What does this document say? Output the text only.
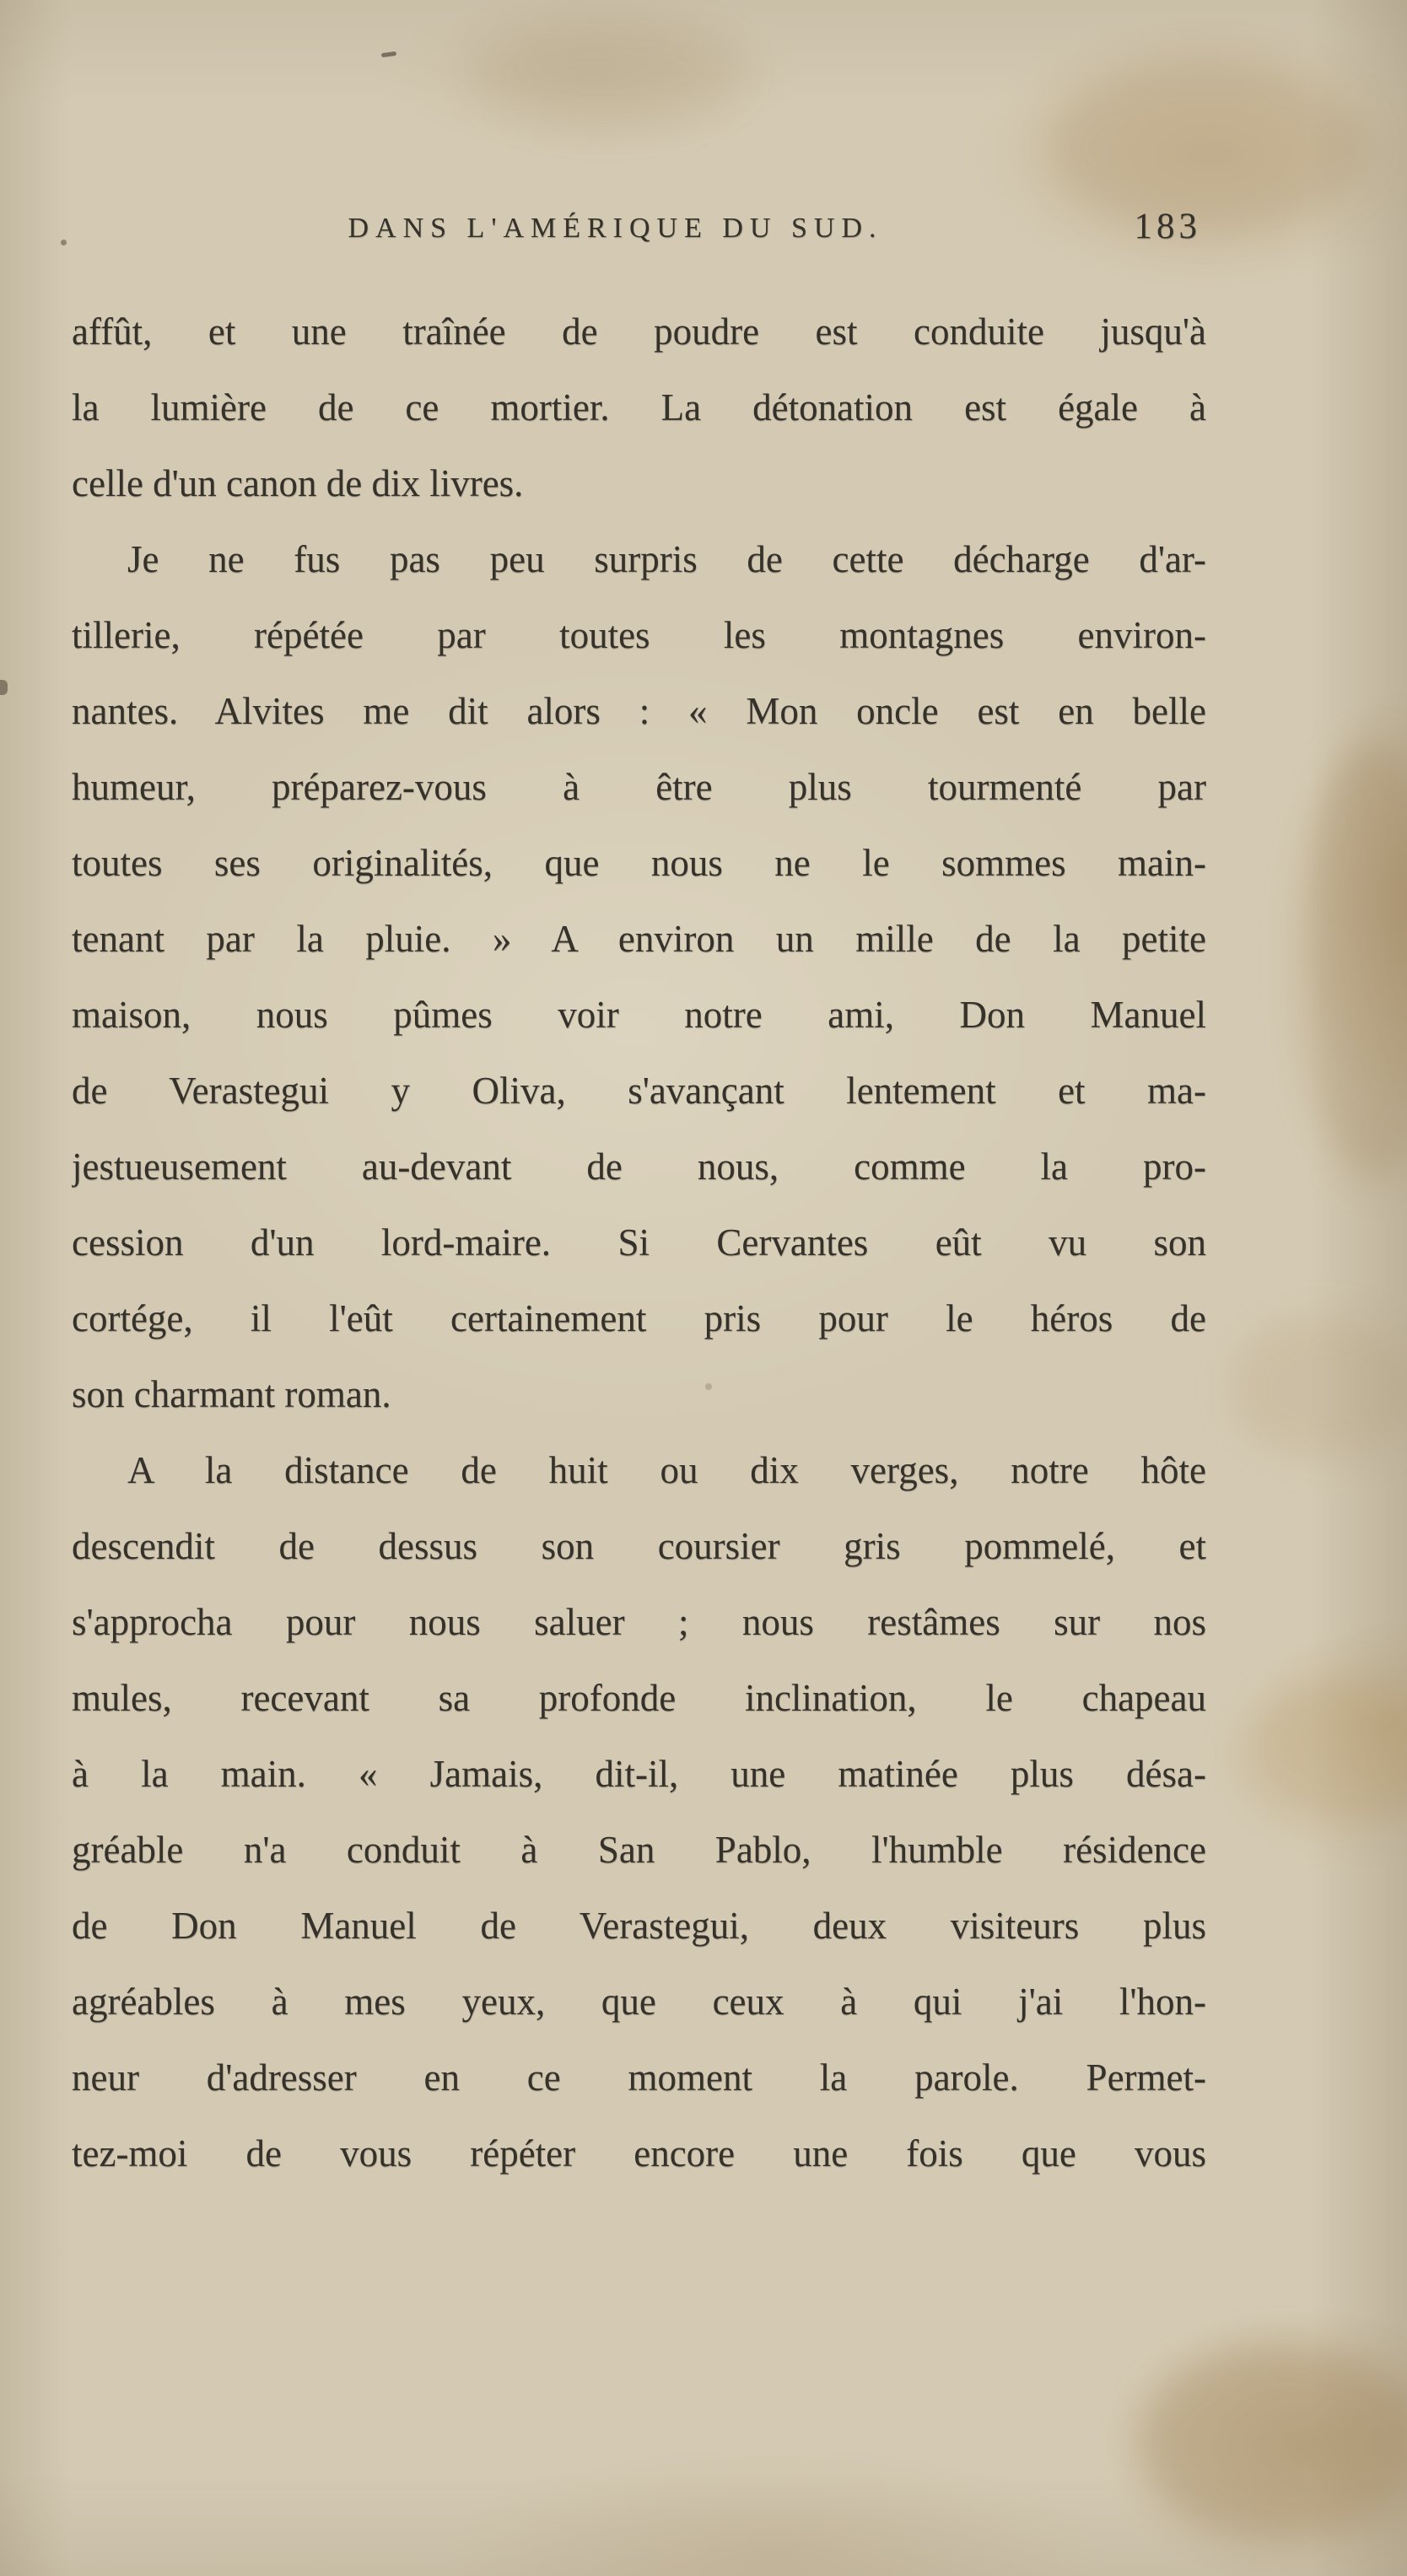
DANS L'AMÉRIQUE DU SUD.	183
affût, et une traînée de poudre est conduite jusqu'à
la lumière de ce mortier. La détonation est égale à
celle d'un canon de dix livres.
Je ne fus pas peu surpris de cette décharge d'ar-
tillerie, répétée par toutes les montagnes environ-
nantes. Alvites me dit alors : « Mon oncle est en belle
humeur, préparez-vous à être plus tourmenté par
toutes ses originalités, que nous ne le sommes main-
tenant par la pluie. » A environ un mille de la petite
maison, nous pûmes voir notre ami, Don Manuel
de Verastegui y Oliva, s'avançant lentement et ma-
jestueusement au-devant de nous, comme la pro-
cession d'un lord-maire. Si Cervantes eût vu son
cortége, il l'eût certainement pris pour le héros de
son charmant roman.
A la distance de huit ou dix verges, notre hôte
descendit de dessus son coursier gris pommelé, et
s'approcha pour nous saluer ; nous restâmes sur nos
mules, recevant sa profonde inclination, le chapeau
à la main. « Jamais, dit-il, une matinée plus désa-
gréable n'a conduit à San Pablo, l'humble résidence
de Don Manuel de Verastegui, deux visiteurs plus
agréables à mes yeux, que ceux à qui j'ai l'hon-
neur d'adresser en ce moment la parole. Permet-
tez-moi de vous répéter encore une fois que vous
